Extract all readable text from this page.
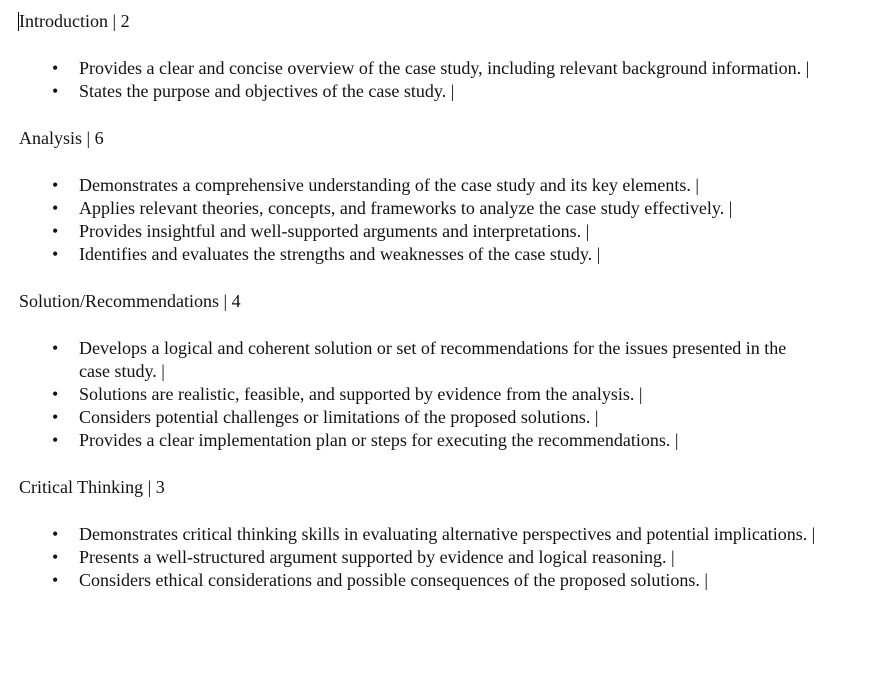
Introduction | 2

• Provides a clear and concise overview of the case study, including relevant background information. |
• States the purpose and objectives of the case study. |

Analysis | 6

• Demonstrates a comprehensive understanding of the case study and its key elements. |
• Applies relevant theories, concepts, and frameworks to analyze the case study effectively. |
• Provides insightful and well-supported arguments and interpretations. |
• Identifies and evaluates the strengths and weaknesses of the case study. |

Solution/Recommendations | 4

• Develops a logical and coherent solution or set of recommendations for the issues presented in the case study. |
• Solutions are realistic, feasible, and supported by evidence from the analysis. |
• Considers potential challenges or limitations of the proposed solutions. |
• Provides a clear implementation plan or steps for executing the recommendations. |

Critical Thinking | 3

• Demonstrates critical thinking skills in evaluating alternative perspectives and potential implications. |
• Presents a well-structured argument supported by evidence and logical reasoning. |
• Considers ethical considerations and possible consequences of the proposed solutions. |
